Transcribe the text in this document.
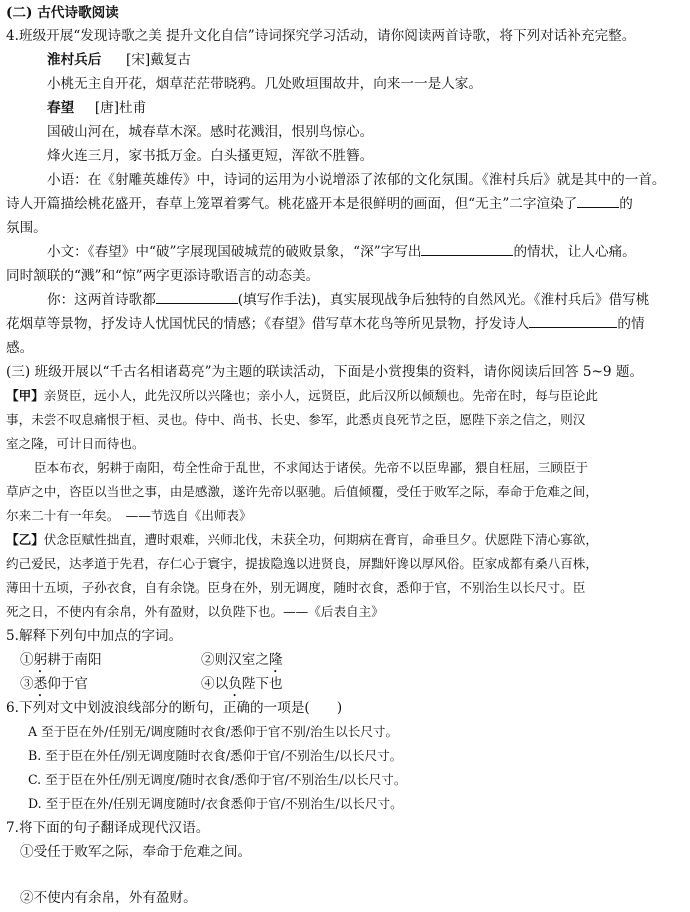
(二) 古代诗歌阅读
4.班级开展“发现诗歌之美 提升文化自信”诗词探究学习活动，请你阅读两首诗歌，将下列对话补充完整。
淮村兵后 [宋]戴复古
小桃无主自开花，烟草茫茫带晓鸦。几处败垣围故井，向来一一是人家。
春望 [唐]杜甫
国破山河在，城春草木深。感时花溅泪，恨别鸟惊心。
烽火连三月，家书抵万金。白头搔更短，浑欲不胜簪。
小语：在《射雕英雄传》中，诗词的运用为小说增添了浓郁的文化氛围。《淮村兵后》就是其中的一首。
诗人开篇描绘桃花盛开，春草上笼罩着雾气。桃花盛开本是很鲜明的画面，但“无主”二字渲染了	的
氛围。
小文：《春望》中“破”字展现国破城荒的破败景象，“深”字写出	的情状，让人心痛。
同时颔联的“溅”和“惊”两字更添诗歌语言的动态美。
你：这两首诗歌都	(填写作手法)，真实展现战争后独特的自然风光。《淮村兵后》借写桃
花烟草等景物，抒发诗人忧国忧民的情感；《春望》借写草木花鸟等所见景物，抒发诗人	的情
感。
(三) 班级开展以“千古名相诸葛亮”为主题的联读活动，下面是小赏搜集的资料，请你阅读后回答 5~9 题。
【甲】亲贤臣，远小人，此先汉所以兴隆也；亲小人，远贤臣，此后汉所以倾颓也。先帝在时，每与臣论此
事，未尝不叹息痛恨于桓、灵也。侍中、尚书、长史、参军，此悉贞良死节之臣，愿陛下亲之信之，则汉
室之隆，可计日而待也。
臣本布衣，躬耕于南阳，苟全性命于乱世，不求闻达于诸侯。先帝不以臣卑鄙，猥自枉屈，三顾臣于
草庐之中，咨臣以当世之事，由是感激，遂许先帝以驱驰。后值倾覆，受任于败军之际，奉命于危难之间，
尔来二十有一年矣。　——节选自《出师表》
【乙】伏念臣赋性拙直，遭时艰难，兴师北伐，未获全功，何期病在膏肓，命垂旦夕。伏愿陛下清心寡欲，
约己爱民，达孝道于先君，存仁心于寰宇，提拔隐逸以进贤良，屏黜奸谗以厚风俗。臣家成都有桑八百株，
薄田十五顷，子孙衣食，自有余饶。臣身在外，别无调度，随时衣食，悉仰于官，不别治生以长尺寸。臣
死之日，不使内有余帛，外有盈财，以负陛下也。——《后表自主》
5.解释下列句中加点的字词。
①躬耕于南阳	②则汉室之隆
③悉仰于官	④以负陛下也
6.下列对文中划波浪线部分的断句，正确的一项是(　　)
A 至于臣在外/任别无/调度随时衣食/悉仰于官不别/治生以长尺寸。
B. 至于臣在外任/别无调度随时衣食/悉仰于官/不别治生/以长尺寸。
C. 至于臣在外任/别无调度/随时衣食/悉仰于官/不别治生/以长尺寸。
D. 至于臣在外/任别无调度随时/衣食悉仰于官/不别治生/以长尺寸。
7.将下面的句子翻译成现代汉语。
①受任于败军之际，奉命于危难之间。
②不使内有余帛，外有盈财。
